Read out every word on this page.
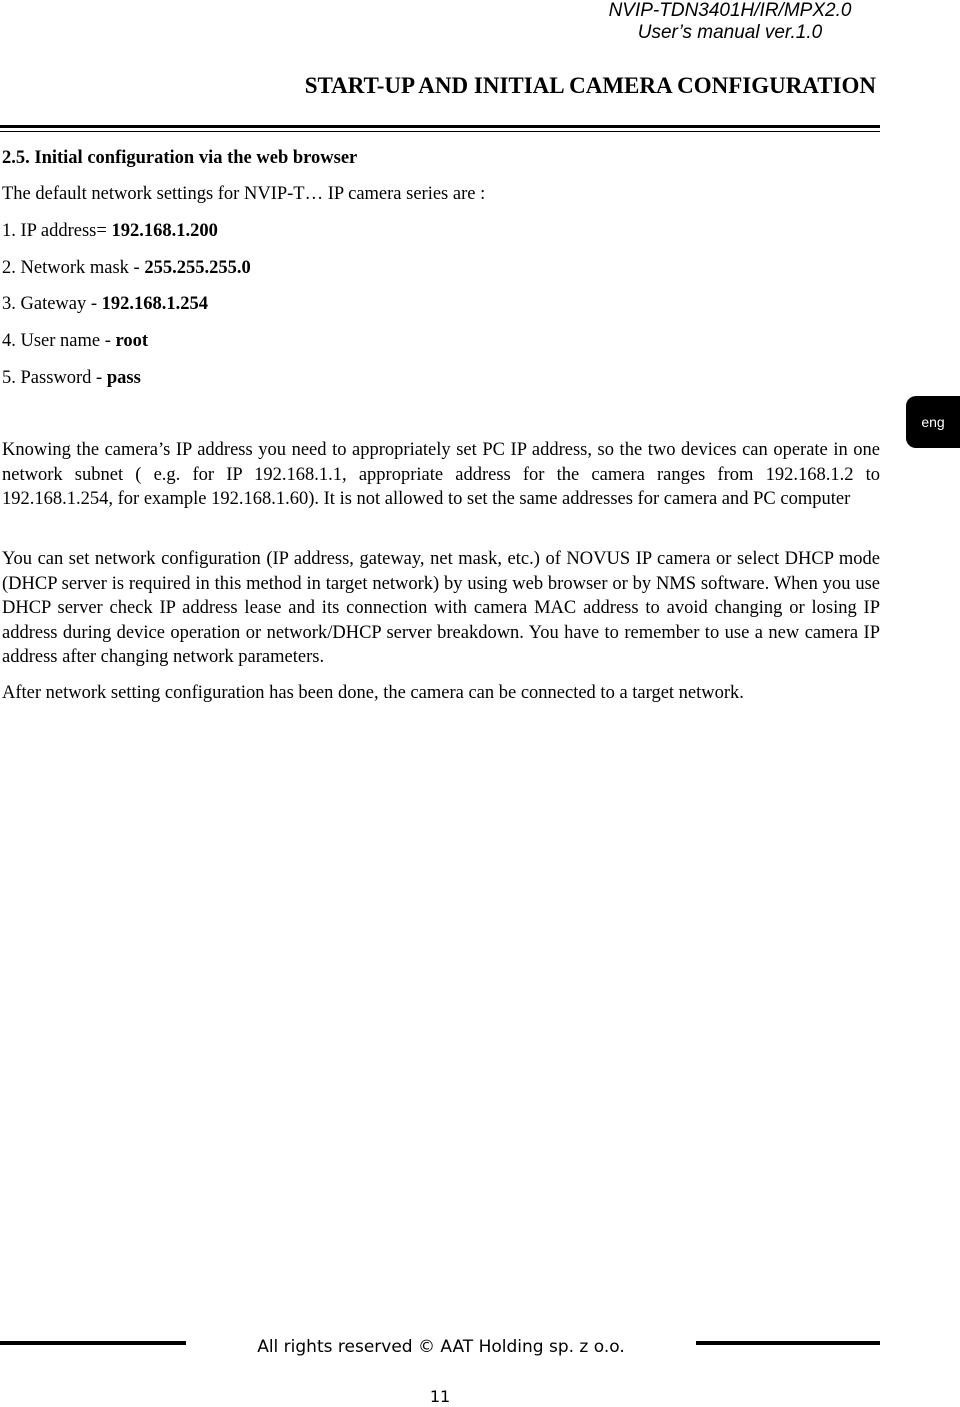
NVIP-TDN3401H/IR/MPX2.0
User’s manual ver.1.0
START-UP AND INITIAL CAMERA CONFIGURATION
eng
2.5. Initial configuration via the web browser
The default network settings for NVIP-T… IP camera series are :
1. IP address= 192.168.1.200
2. Network mask - 255.255.255.0
3. Gateway - 192.168.1.254
4. User name - root
5. Password - pass
Knowing the camera’s IP address you need to appropriately set PC IP address, so the two devices can operate in one network subnet ( e.g. for IP 192.168.1.1, appropriate address for the camera ranges from 192.168.1.2 to 192.168.1.254, for example 192.168.1.60). It is not allowed to set the same addresses for camera and PC computer
You can set network configuration (IP address, gateway, net mask, etc.) of NOVUS IP camera or select DHCP mode (DHCP server is required in this method in target network) by using web browser or by NMS software. When you use DHCP server check IP address lease and its connection with camera MAC address to avoid changing or losing IP address during device operation or network/DHCP server breakdown. You have to remember to use a new camera IP address after changing network parameters.
After network setting configuration has been done, the camera can be connected to a target network.
All rights reserved © AAT Holding sp. z o.o.
11
